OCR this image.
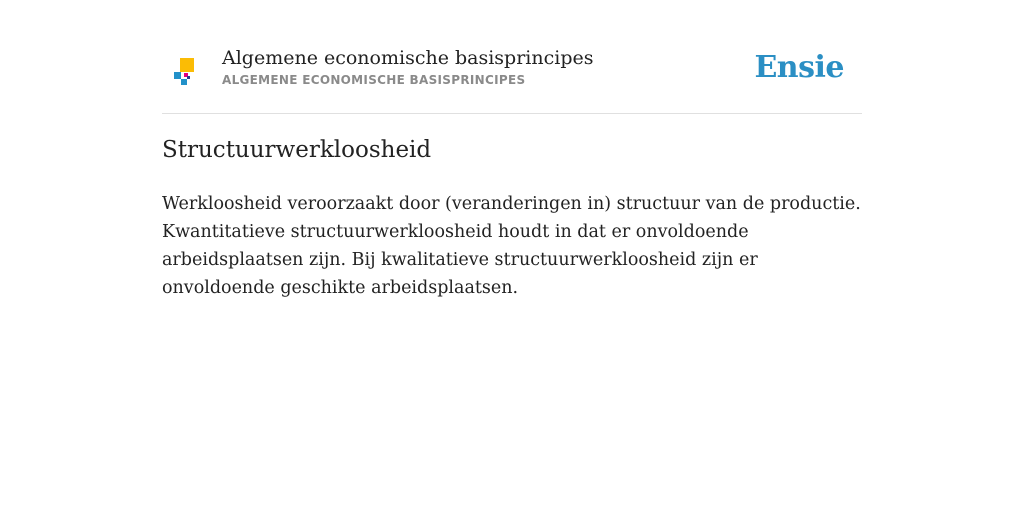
Algemene economische basisprincipes
ALGEMENE ECONOMISCHE BASISPRINCIPES	Ensie
Structuurwerkloosheid

Werkloosheid veroorzaakt door (veranderingen in) structuur van de productie. Kwantitatieve structuurwerkloosheid houdt in dat er onvoldoende arbeidsplaatsen zijn. Bij kwalitatieve structuurwerkloosheid zijn er onvoldoende geschikte arbeidsplaatsen.
